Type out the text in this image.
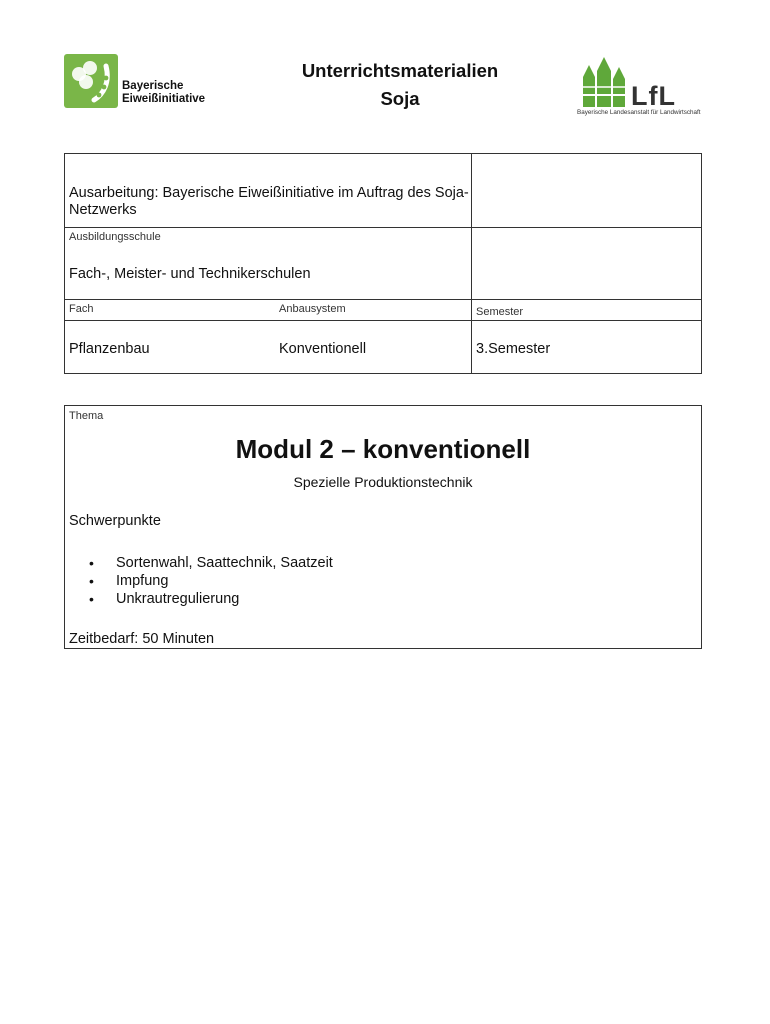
Bayerische
Eiweißinitiative
Unterrichtsmaterialien
Soja	LfL
Bayerische Landesanstalt für Landwirtschaft
Ausarbeitung: Bayerische Eiweißinitiative im Auftrag des Soja-Netzwerks
Ausbildungsschule
Fach-, Meister- und Technikerschulen
Fach	Anbausystem	Semester
Pflanzenbau	Konventionell	3.Semester
Thema
Modul 2 – konventionell
Spezielle Produktionstechnik
Schwerpunkte
• Sortenwahl, Saattechnik, Saatzeit
• Impfung
• Unkrautregulierung
Zeitbedarf: 50 Minuten
